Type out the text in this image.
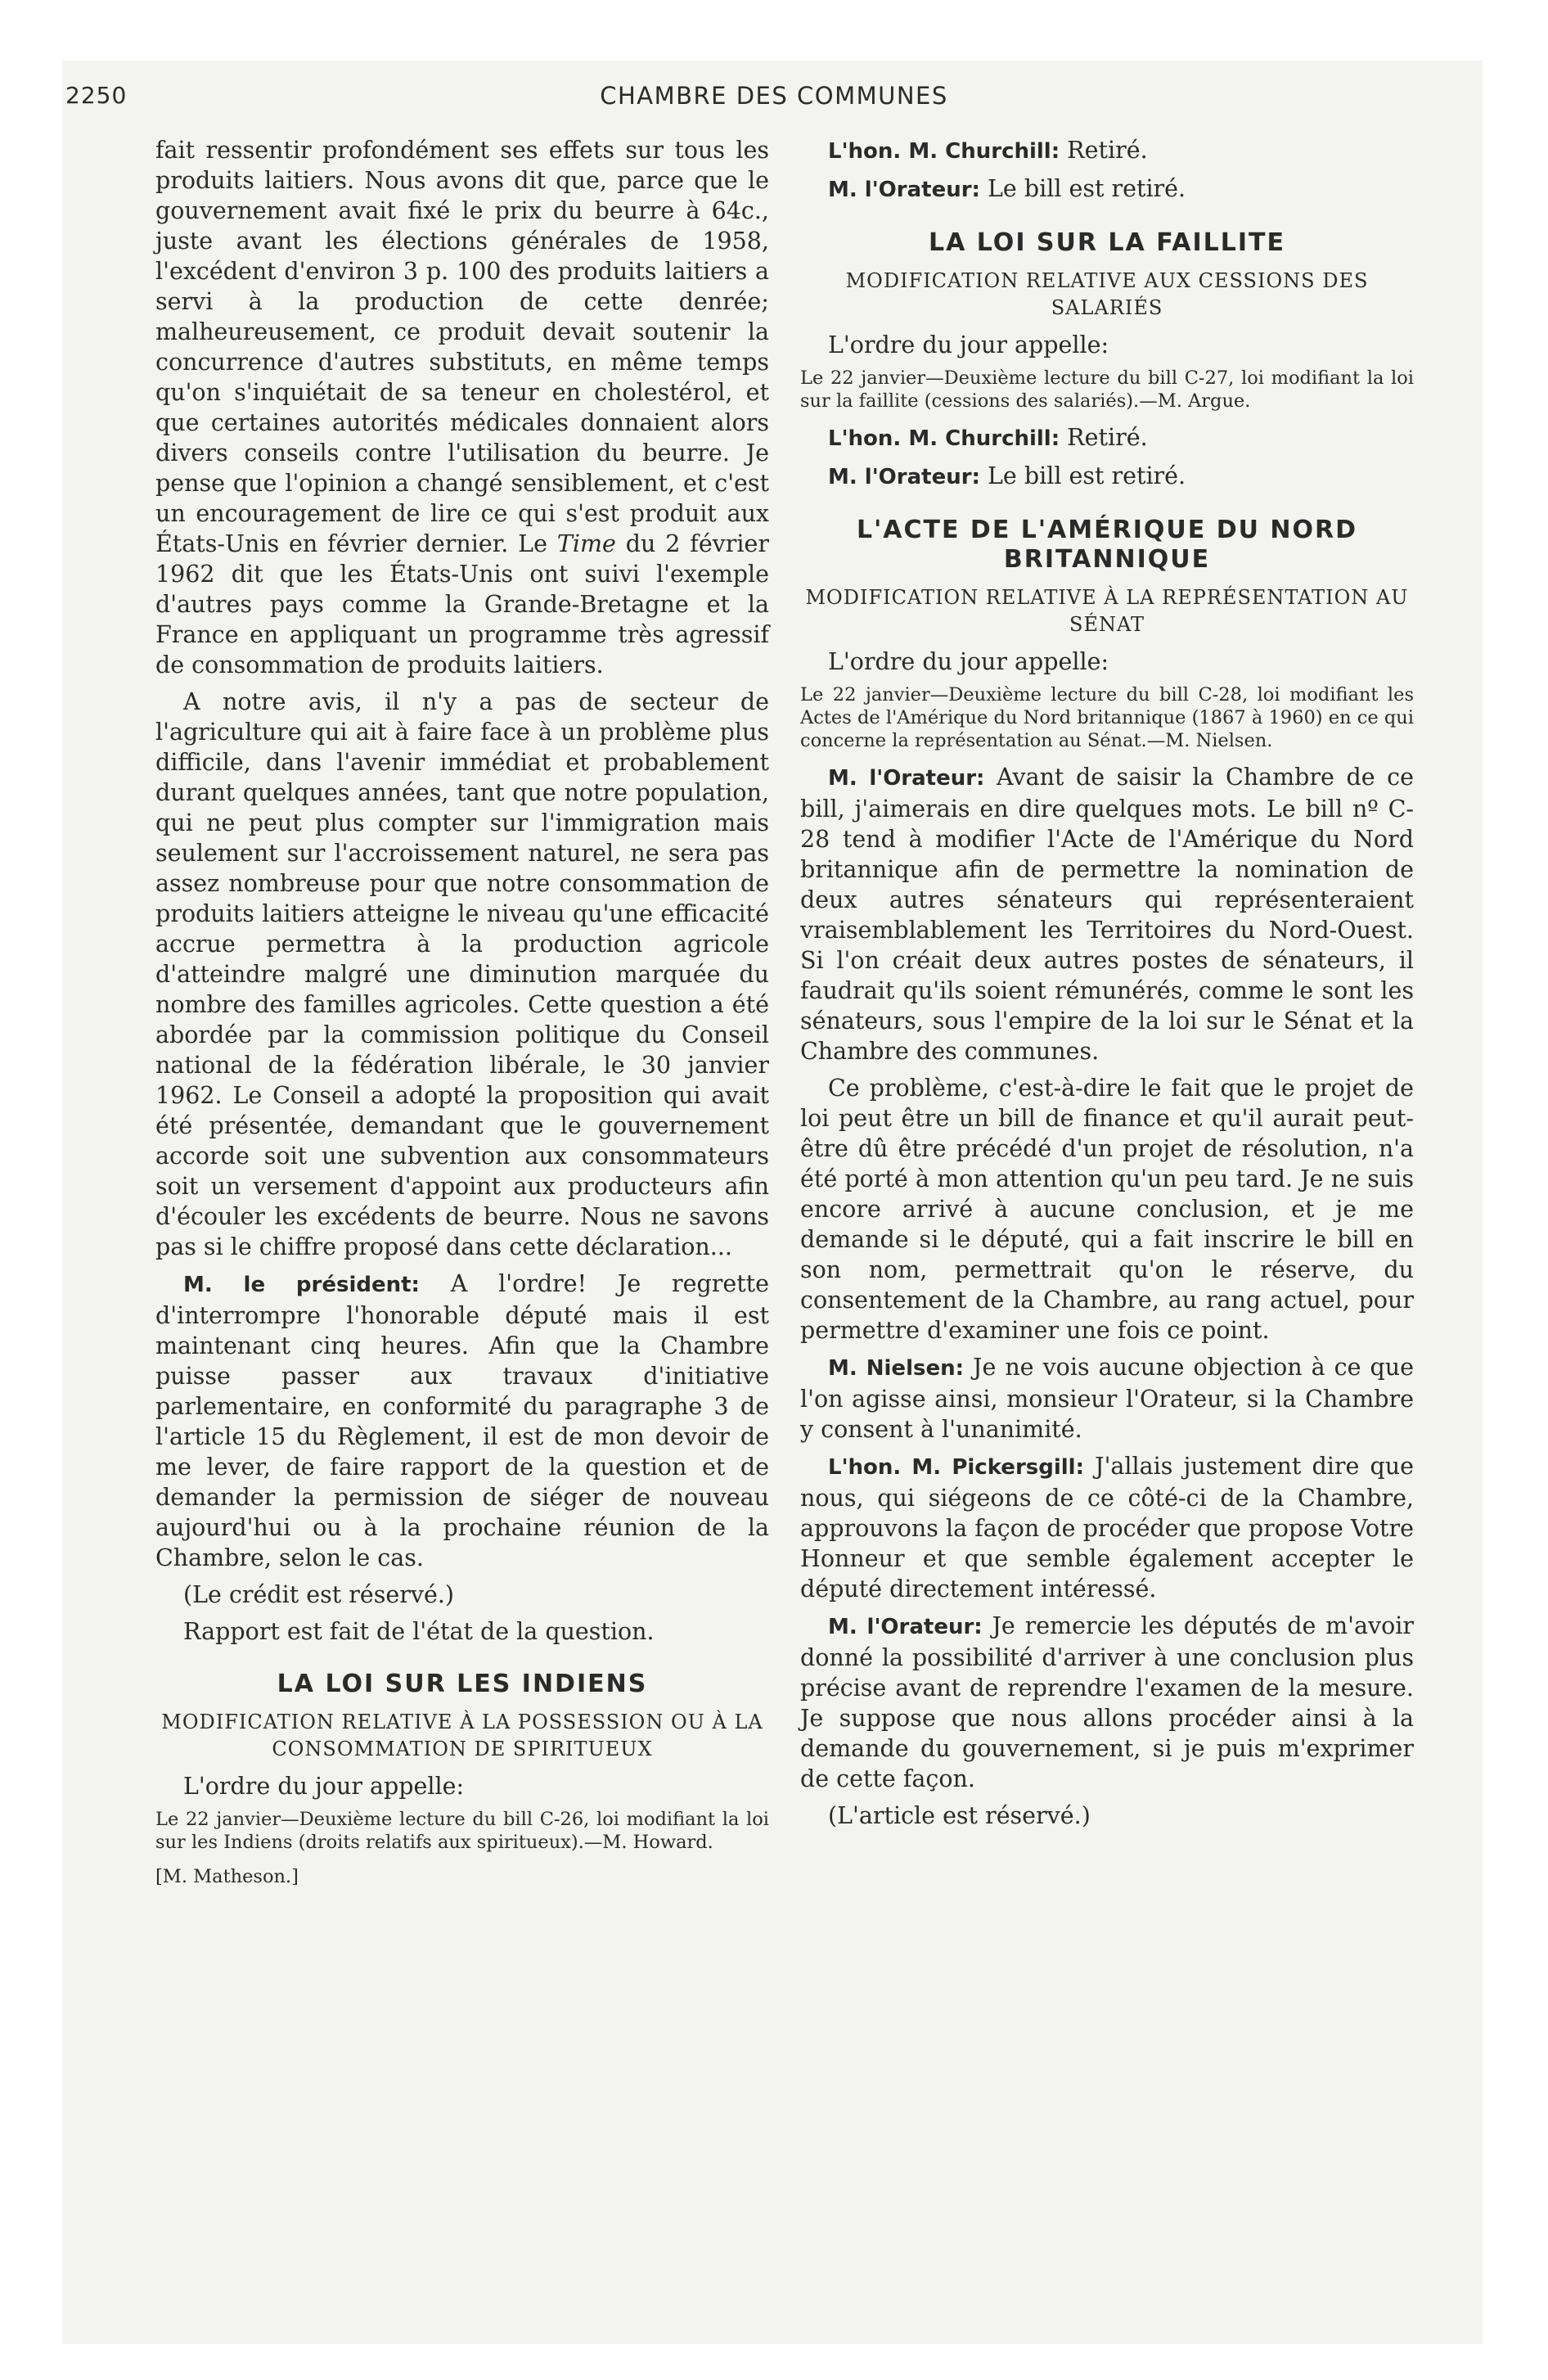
2250	CHAMBRE DES COMMUNES

fait ressentir profondément ses effets sur tous les produits laitiers. Nous avons dit que, parce que le gouvernement avait fixé le prix du beurre à 64c., juste avant les élections générales de 1958, l'excédent d'environ 3 p. 100 des produits laitiers a servi à la production de cette denrée; malheureusement, ce produit devait soutenir la concurrence d'autres substituts, en même temps qu'on s'inquiétait de sa teneur en cholestérol, et que certaines autorités médicales donnaient alors divers conseils contre l'utilisation du beurre. Je pense que l'opinion a changé sensiblement, et c'est un encouragement de lire ce qui s'est produit aux États-Unis en février dernier. Le Time du 2 février 1962 dit que les États-Unis ont suivi l'exemple d'autres pays comme la Grande-Bretagne et la France en appliquant un programme très agressif de consommation de produits laitiers.

A notre avis, il n'y a pas de secteur de l'agriculture qui ait à faire face à un problème plus difficile, dans l'avenir immédiat et probablement durant quelques années, tant que notre population, qui ne peut plus compter sur l'immigration mais seulement sur l'accroissement naturel, ne sera pas assez nombreuse pour que notre consommation de produits laitiers atteigne le niveau qu'une efficacité accrue permettra à la production agricole d'atteindre malgré une diminution marquée du nombre des familles agricoles. Cette question a été abordée par la commission politique du Conseil national de la fédération libérale, le 30 janvier 1962. Le Conseil a adopté la proposition qui avait été présentée, demandant que le gouvernement accorde soit une subvention aux consommateurs soit un versement d'appoint aux producteurs afin d'écouler les excédents de beurre. Nous ne savons pas si le chiffre proposé dans cette déclaration...

M. le président: A l'ordre! Je regrette d'interrompre l'honorable député mais il est maintenant cinq heures. Afin que la Chambre puisse passer aux travaux d'initiative parlementaire, en conformité du paragraphe 3 de l'article 15 du Règlement, il est de mon devoir de me lever, de faire rapport de la question et de demander la permission de siéger de nouveau aujourd'hui ou à la prochaine réunion de la Chambre, selon le cas.

(Le crédit est réservé.)

Rapport est fait de l'état de la question.

LA LOI SUR LES INDIENS
MODIFICATION RELATIVE À LA POSSESSION OU À LA CONSOMMATION DE SPIRITUEUX

L'ordre du jour appelle:

Le 22 janvier—Deuxième lecture du bill C-26, loi modifiant la loi sur les Indiens (droits relatifs aux spiritueux).—M. Howard.

[M. Matheson.]

L'hon. M. Churchill: Retiré.

M. l'Orateur: Le bill est retiré.

LA LOI SUR LA FAILLITE
MODIFICATION RELATIVE AUX CESSIONS DES SALARIÉS

L'ordre du jour appelle:

Le 22 janvier—Deuxième lecture du bill C-27, loi modifiant la loi sur la faillite (cessions des salariés).—M. Argue.

L'hon. M. Churchill: Retiré.

M. l'Orateur: Le bill est retiré.

L'ACTE DE L'AMÉRIQUE DU NORD BRITANNIQUE
MODIFICATION RELATIVE À LA REPRÉSENTATION AU SÉNAT

L'ordre du jour appelle:

Le 22 janvier—Deuxième lecture du bill C-28, loi modifiant les Actes de l'Amérique du Nord britannique (1867 à 1960) en ce qui concerne la représentation au Sénat.—M. Nielsen.

M. l'Orateur: Avant de saisir la Chambre de ce bill, j'aimerais en dire quelques mots. Le bill nº C-28 tend à modifier l'Acte de l'Amérique du Nord britannique afin de permettre la nomination de deux autres sénateurs qui représenteraient vraisemblablement les Territoires du Nord-Ouest. Si l'on créait deux autres postes de sénateurs, il faudrait qu'ils soient rémunérés, comme le sont les sénateurs, sous l'empire de la loi sur le Sénat et la Chambre des communes.

Ce problème, c'est-à-dire le fait que le projet de loi peut être un bill de finance et qu'il aurait peut-être dû être précédé d'un projet de résolution, n'a été porté à mon attention qu'un peu tard. Je ne suis encore arrivé à aucune conclusion, et je me demande si le député, qui a fait inscrire le bill en son nom, permettrait qu'on le réserve, du consentement de la Chambre, au rang actuel, pour permettre d'examiner une fois ce point.

M. Nielsen: Je ne vois aucune objection à ce que l'on agisse ainsi, monsieur l'Orateur, si la Chambre y consent à l'unanimité.

L'hon. M. Pickersgill: J'allais justement dire que nous, qui siégeons de ce côté-ci de la Chambre, approuvons la façon de procéder que propose Votre Honneur et que semble également accepter le député directement intéressé.

M. l'Orateur: Je remercie les députés de m'avoir donné la possibilité d'arriver à une conclusion plus précise avant de reprendre l'examen de la mesure. Je suppose que nous allons procéder ainsi à la demande du gouvernement, si je puis m'exprimer de cette façon.

(L'article est réservé.)
